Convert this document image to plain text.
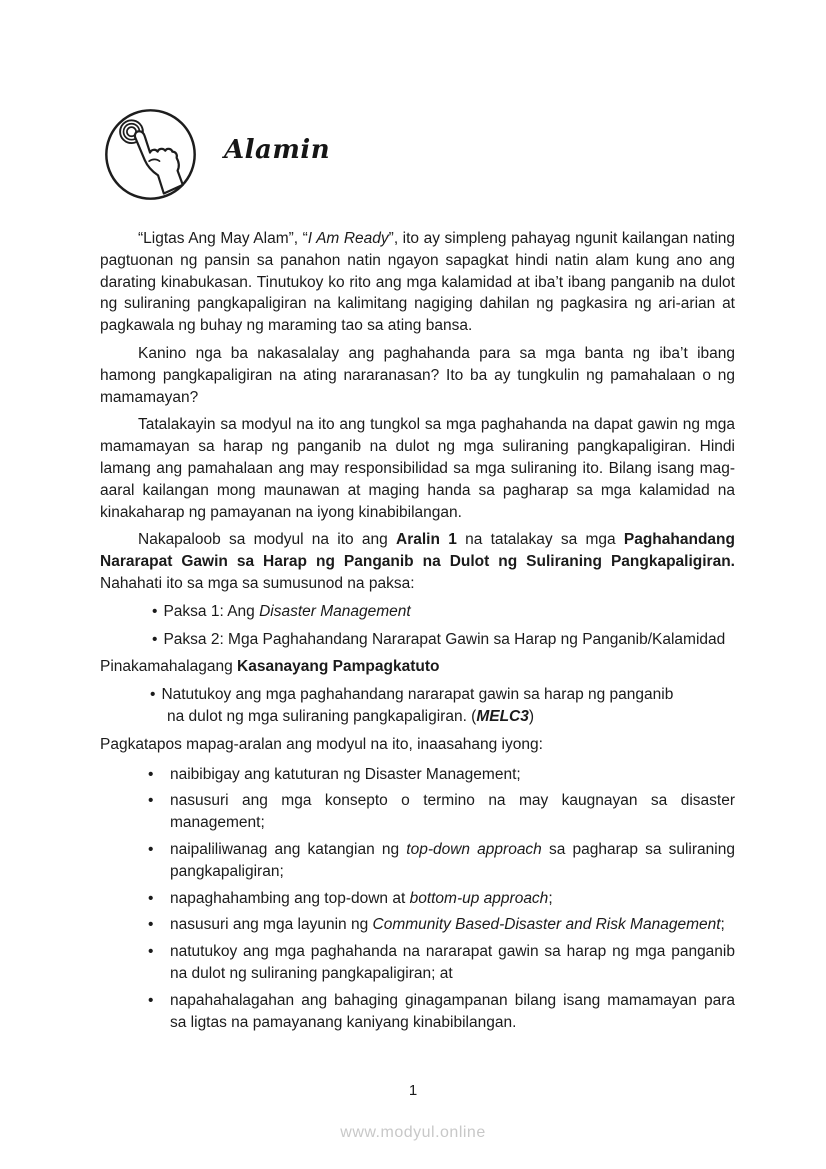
Alamin

“Ligtas Ang May Alam”, “I Am Ready”, ito ay simpleng pahayag ngunit kailangan nating pagtuonan ng pansin sa panahon natin ngayon sapagkat hindi natin alam kung ano ang darating kinabukasan. Tinutukoy ko rito ang mga kalamidad at iba’t ibang panganib na dulot ng suliraning pangkapaligiran na kalimitang nagiging dahilan ng pagkasira ng ari-arian at pagkawala ng buhay ng maraming tao sa ating bansa.

Kanino nga ba nakasalalay ang paghahanda para sa mga banta ng iba’t ibang hamong pangkapaligiran na ating nararanasan? Ito ba ay tungkulin ng pamahalaan o ng mamamayan?

Tatalakayin sa modyul na ito ang tungkol sa mga paghahanda na dapat gawin ng mga mamamayan sa harap ng panganib na dulot ng mga suliraning pangkapaligiran. Hindi lamang ang pamahalaan ang may responsibilidad sa mga suliraning ito. Bilang isang mag-aaral kailangan mong maunawan at maging handa sa pagharap sa mga kalamidad na kinakaharap ng pamayanan na iyong kinabibilangan.

Nakapaloob sa modyul na ito ang Aralin 1 na tatalakay sa mga Paghahandang Nararapat Gawin sa Harap ng Panganib na Dulot ng Suliraning Pangkapaligiran. Nahahati ito sa mga sa sumusunod na paksa:

• Paksa 1: Ang Disaster Management
• Paksa 2: Mga Paghahandang Nararapat Gawin sa Harap ng Panganib/Kalamidad

Pinakamahalagang Kasanayang Pampagkatuto

• Natutukoy ang mga paghahandang nararapat gawin sa harap ng panganib
na dulot ng mga suliraning pangkapaligiran. (MELC3)

Pagkatapos mapag-aralan ang modyul na ito, inaasahang iyong:

• naibibigay ang katuturan ng Disaster Management;
• nasusuri ang mga konsepto o termino na may kaugnayan sa disaster management;
• naipaliliwanag ang katangian ng top-down approach sa pagharap sa suliraning pangkapaligiran;
• napaghahambing ang top-down at bottom-up approach;
• nasusuri ang mga layunin ng Community Based-Disaster and Risk Management;
• natutukoy ang mga paghahanda na nararapat gawin sa harap ng mga panganib na dulot ng suliraning pangkapaligiran; at
• napahahalagahan ang bahaging ginagampanan bilang isang mamamayan para sa ligtas na pamayanang kaniyang kinabibilangan.
1
www.modyul.online
